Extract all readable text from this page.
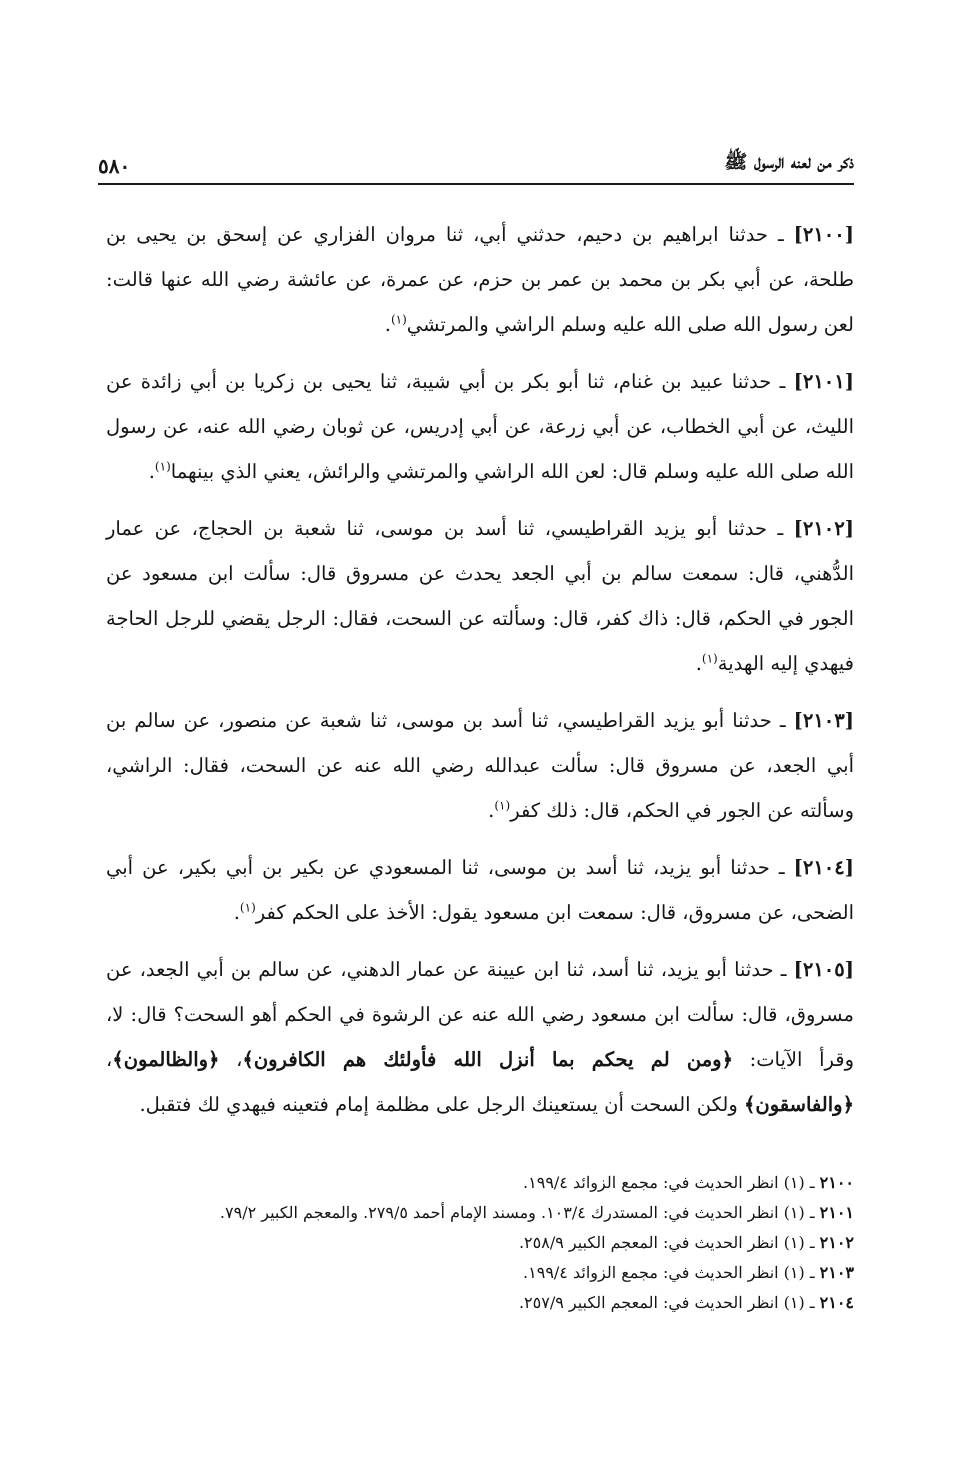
ذكر من لعنه الرسول ﷺ
٥٨٠

[٢١٠٠] ـ حدثنا ابراهيم بن دحيم، حدثني أبي، ثنا مروان الفزاري عن إسحق بن يحيى بن طلحة، عن أبي بكر بن محمد بن عمر بن حزم، عن عمرة، عن عائشة رضي الله عنها قالت: لعن رسول الله صلى الله عليه وسلم الراشي والمرتشي$^{(١)}$.

[٢١٠١] ـ حدثنا عبيد بن غنام، ثنا أبو بكر بن أبي شيبة، ثنا يحيى بن زكريا بن أبي زائدة عن الليث، عن أبي الخطاب، عن أبي زرعة، عن أبي إدريس، عن ثوبان رضي الله عنه، عن رسول الله صلى الله عليه وسلم قال: لعن الله الراشي والمرتشي والرائش، يعني الذي بينهما$^{(١)}$.

[٢١٠٢] ـ حدثنا أبو يزيد القراطيسي، ثنا أسد بن موسى، ثنا شعبة بن الحجاج، عن عمار الدُّهني، قال: سمعت سالم بن أبي الجعد يحدث عن مسروق قال: سألت ابن مسعود عن الجور في الحكم، قال: ذاك كفر، قال: وسألته عن السحت، فقال: الرجل يقضي للرجل الحاجة فيهدي إليه الهدية$^{(١)}$.

[٢١٠٣] ـ حدثنا أبو يزيد القراطيسي، ثنا أسد بن موسى، ثنا شعبة عن منصور، عن سالم بن أبي الجعد، عن مسروق قال: سألت عبدالله رضي الله عنه عن السحت، فقال: الراشي، وسألته عن الجور في الحكم، قال: ذلك كفر$^{(١)}$.

[٢١٠٤] ـ حدثنا أبو يزيد، ثنا أسد بن موسى، ثنا المسعودي عن بكير بن أبي بكير، عن أبي الضحى، عن مسروق، قال: سمعت ابن مسعود يقول: الأخذ على الحكم كفر$^{(١)}$.

[٢١٠٥] ـ حدثنا أبو يزيد، ثنا أسد، ثنا ابن عيينة عن عمار الدهني، عن سالم بن أبي الجعد، عن مسروق، قال: سألت ابن مسعود رضي الله عنه عن الرشوة في الحكم أهو السحت؟ قال: لا، وقرأ الآيات: ﴿ومن لم يحكم بما أنزل الله فأولئك هم الكافرون﴾، ﴿والظالمون﴾، ﴿والفاسقون﴾ ولكن السحت أن يستعينك الرجل على مظلمة إمام فتعينه فيهدي لك فتقبل.

٢١٠٠ ـ (١) انظر الحديث في: مجمع الزوائد ١٩٩/٤.

٢١٠١ ـ (١) انظر الحديث في: المستدرك ١٠٣/٤. ومسند الإمام أحمد ٢٧٩/٥. والمعجم الكبير ٧٩/٢.

٢١٠٢ ـ (١) انظر الحديث في: المعجم الكبير ٢٥٨/٩.

٢١٠٣ ـ (١) انظر الحديث في: مجمع الزوائد ١٩٩/٤.

٢١٠٤ ـ (١) انظر الحديث في: المعجم الكبير ٢٥٧/٩.
